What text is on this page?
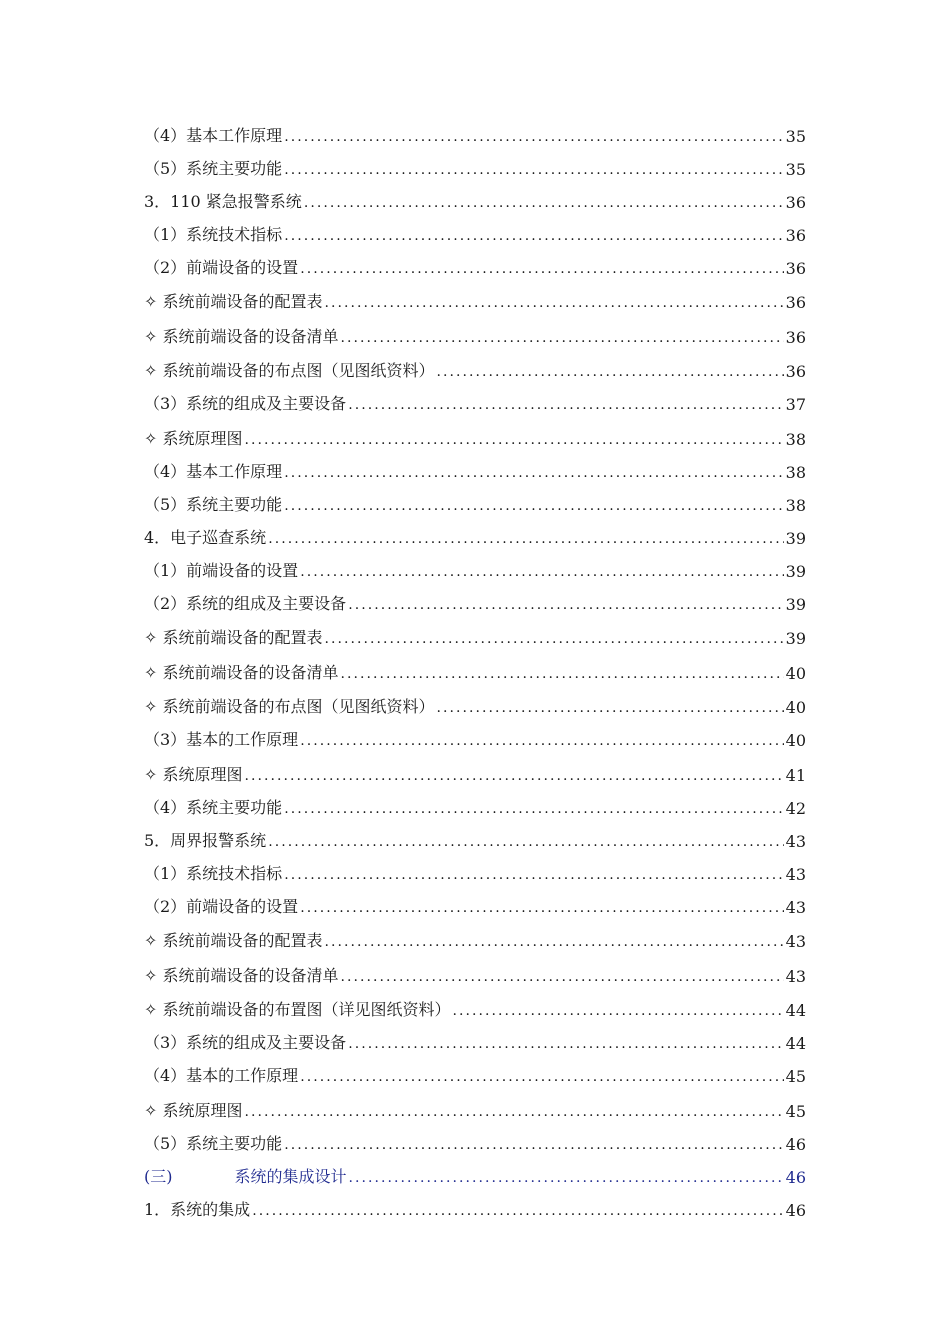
（4）基本工作原理 . . .	35
（5）系统主要功能 . . .	35
3．110 紧急报警系统 . . .	36
（1）系统技术指标 . . .	36
（2）前端设备的设置 . . .	36
✧ 系统前端设备的配置表 . . .	36
✧ 系统前端设备的设备清单 . . .	36
✧ 系统前端设备的布点图（见图纸资料） . . .	36
（3）系统的组成及主要设备 . . .	37
✧ 系统原理图 . . .	38
（4）基本工作原理 . . .	38
（5）系统主要功能 . . .	38
4．电子巡查系统 . . .	39
（1）前端设备的设置 . . .	39
（2）系统的组成及主要设备 . . .	39
✧ 系统前端设备的配置表 . . .	39
✧ 系统前端设备的设备清单 . . .	40
✧ 系统前端设备的布点图（见图纸资料） . . .	40
（3）基本的工作原理 . . .	40
✧ 系统原理图 . . .	41
（4）系统主要功能 . . .	42
5．周界报警系统 . . .	43
（1）系统技术指标 . . .	43
（2）前端设备的设置 . . .	43
✧ 系统前端设备的配置表 . . .	43
✧ 系统前端设备的设备清单 . . .	43
✧ 系统前端设备的布置图（详见图纸资料） . . .	44
（3）系统的组成及主要设备 . . .	44
（4）基本的工作原理 . . .	45
✧ 系统原理图 . . .	45
（5）系统主要功能 . . .	46
(三)	系统的集成设计 . . .	46
1．系统的集成 . . .	46
